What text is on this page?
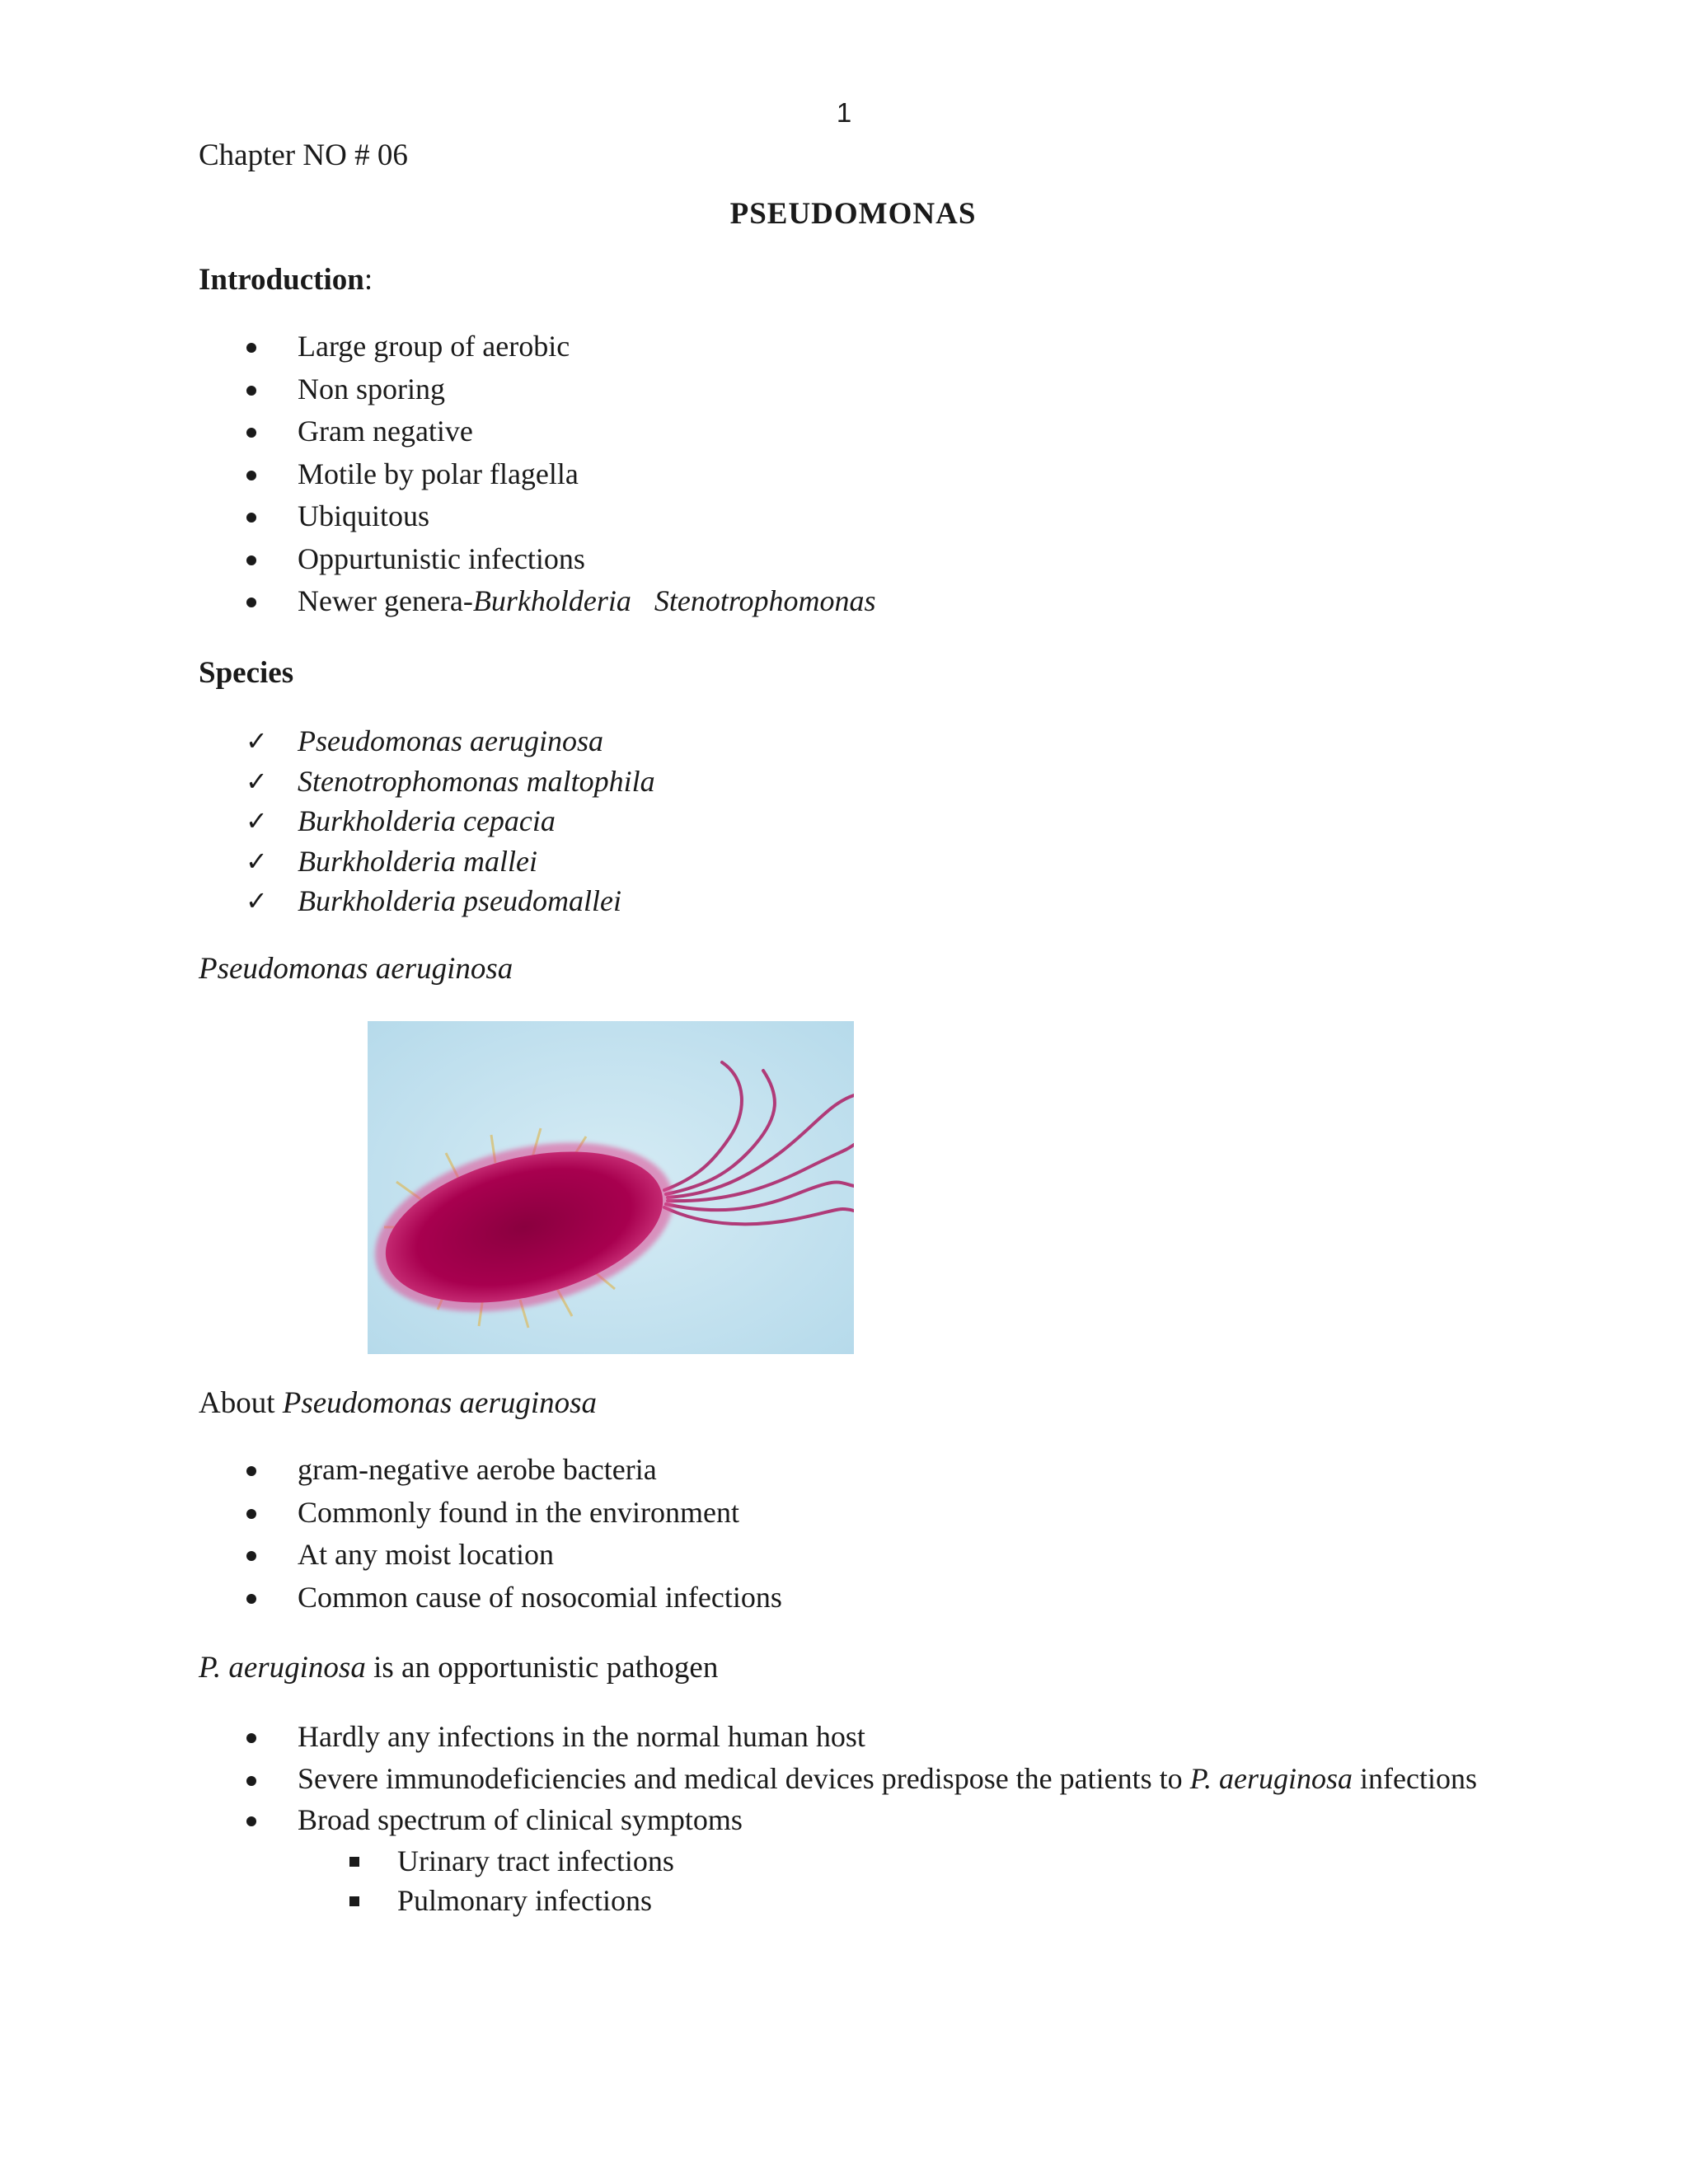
1

Chapter NO # 06

PSEUDOMONAS

Introduction:

Large group of aerobic
Non sporing
Gram negative
Motile by polar flagella
Ubiquitous
Oppurtunistic infections
Newer genera-Burkholderia Stenotrophomonas

Species

✓ Pseudomonas aeruginosa
✓ Stenotrophomonas maltophila
✓ Burkholderia cepacia
✓ Burkholderia mallei
✓ Burkholderia pseudomallei

Pseudomonas aeruginosa

About Pseudomonas aeruginosa

gram-negative aerobe bacteria
Commonly found in the environment
At any moist location
Common cause of nosocomial infections

P. aeruginosa is an opportunistic pathogen

Hardly any infections in the normal human host
Severe immunodeficiencies and medical devices predispose the patients to P. aeruginosa infections
Broad spectrum of clinical symptoms
Urinary tract infections
Pulmonary infections
